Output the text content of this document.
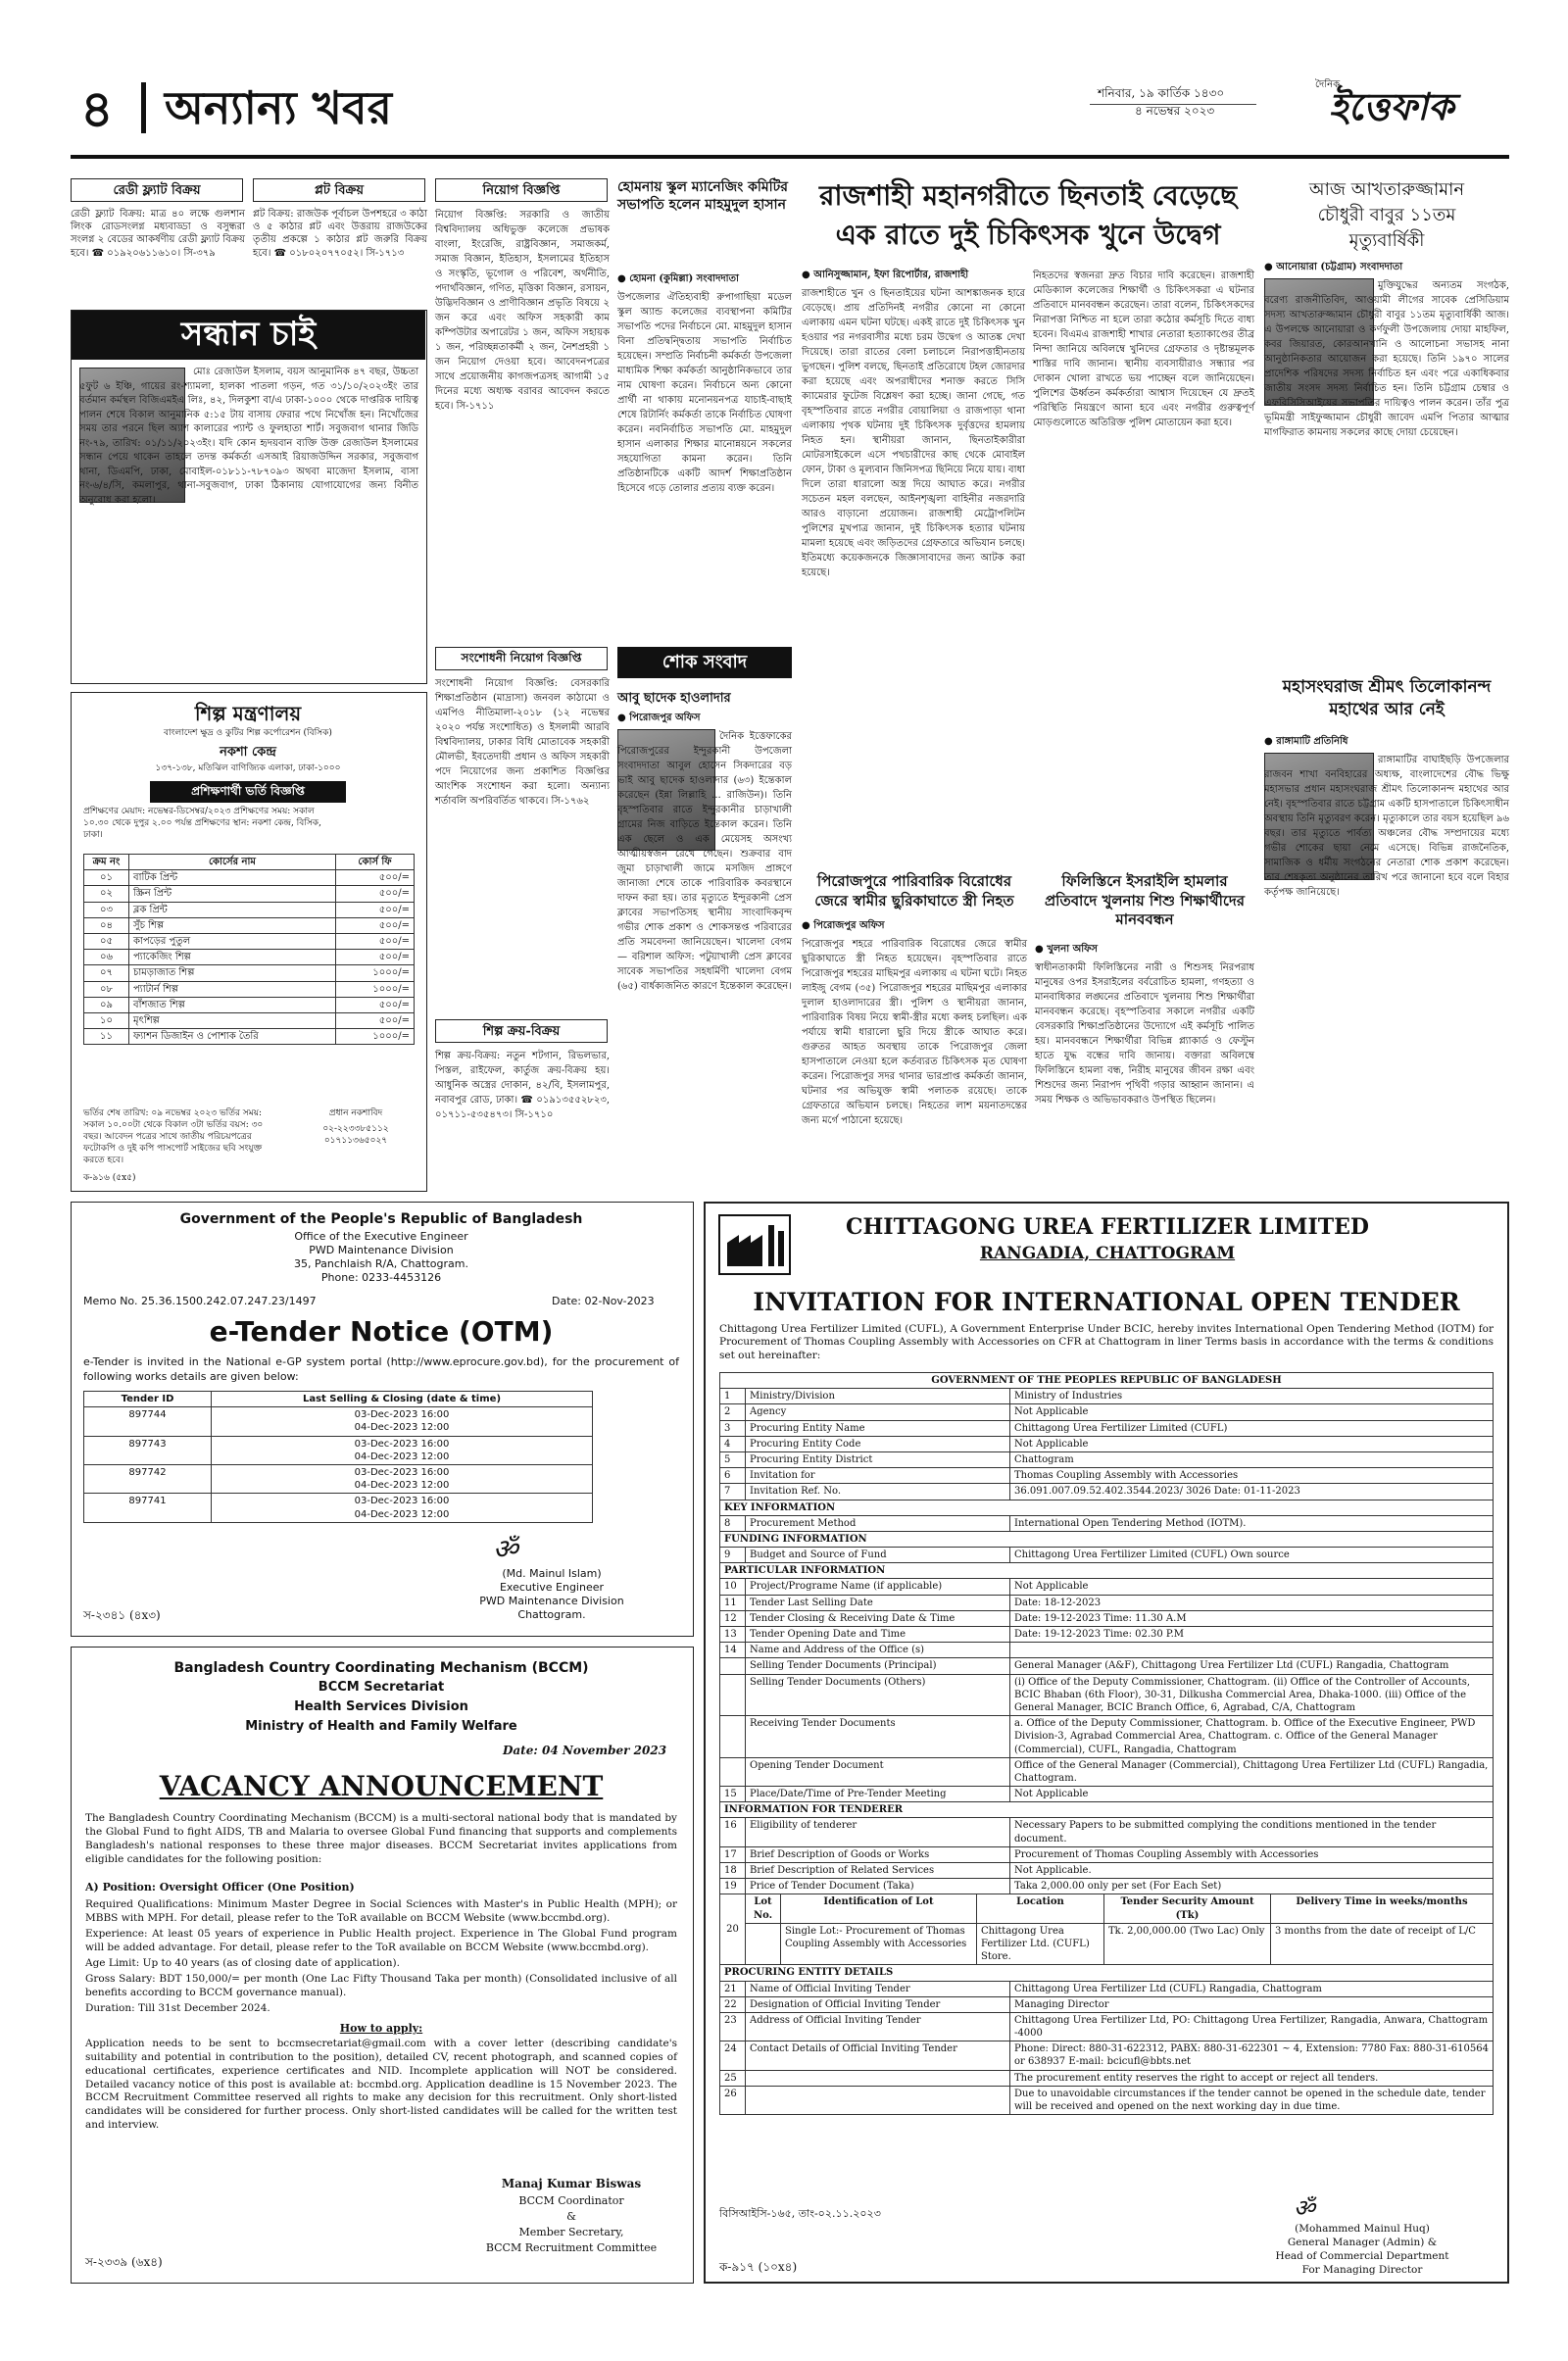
৪ অন্যান্য খবর	শনিবার, ১৯ কার্তিক ১৪৩০
৪ নভেম্বর ২০২৩
দৈনিক
ইত্তেফাক
রেডী ফ্ল্যাট বিক্রয়
রেডী ফ্ল্যাট বিক্রয়: মাত্র ৪০ লক্ষে গুলশান লিংক রোডসংলগ্ন মধ্যবাড্ডা ও বসুন্ধরা সংলগ্ন ২ বেডের আকর্ষণীয় রেডী ফ্ল্যাট বিক্রয় হবে। ☎ ০১৯২০৬১১৬১০। সি-৩৭৯
প্লট বিক্রয়
প্লট বিক্রয়: রাজউক পূর্বাচল উপশহরে ৩ কাঠা ও ৫ কাঠার প্লট এবং উত্তরায় রাজউকের তৃতীয় প্রকল্পে ১ কাঠার প্লট জরুরি বিক্রয় হবে। ☎ ০১৮০২০৭৭০৫২। সি-১৭১৩
নিয়োগ বিজ্ঞপ্তি
নিয়োগ বিজ্ঞপ্তি: সরকারি ও জাতীয় বিশ্ববিদ্যালয় অধিভুক্ত কলেজে প্রভাষক বাংলা, ইংরেজি, রাষ্ট্রবিজ্ঞান, সমাজকর্ম, সমাজ বিজ্ঞান, ইতিহাস, ইসলামের ইতিহাস ও সংস্কৃতি, ভূগোল ও পরিবেশ, অর্থনীতি, পদার্থবিজ্ঞান, গণিত, মৃত্তিকা বিজ্ঞান, রসায়ন, উদ্ভিদবিজ্ঞান ও প্রাণীবিজ্ঞান প্রভৃতি বিষয়ে ২ জন করে এবং অফিস সহকারী কাম কম্পিউটার অপারেটর ১ জন, অফিস সহায়ক ১ জন, পরিচ্ছন্নতাকর্মী ২ জন, নৈশপ্রহরী ১ জন নিয়োগ দেওয়া হবে। আবেদনপত্রের সাথে প্রয়োজনীয় কাগজপত্রসহ আগামী ১৫ দিনের মধ্যে অধ্যক্ষ বরাবর আবেদন করতে হবে। সি-১৭১১
সন্ধান চাই
মোঃ রেজাউল ইসলাম, বয়স আনুমানিক ৪৭ বছর, উচ্চতা ৫ফুট ৬ ইঞ্চি, গায়ের রং-শ্যামলা, হালকা পাতলা গড়ন, গত ৩১/১০/২০২৩ইং তার বর্তমান কর্মস্থল বিজিএমইএ লিঃ, ৪২, দিলকুশা বা/এ ঢাকা-১০০০ থেকে দাপ্তরিক দায়িত্ব পালন শেষে বিকাল আনুমানিক ৫:১৫ টায় বাসায় ফেরার পথে নিখোঁজ হন। নিখোঁজের সময় তার পরনে ছিল অ্যাশ কালারের প্যান্ট ও ফুলহাতা শার্ট। সবুজবাগ থানার জিডি নং-৭৯, তারিখ: ০১/১১/২০২৩ইং। যদি কোন হৃদয়বান ব্যক্তি উক্ত রেজাউল ইসলামের সন্ধান পেয়ে থাকেন তাহলে তদন্ত কর্মকর্তা এসআই রিয়াজউদ্দিন সরকার, সবুজবাগ থানা, ডিএমপি, ঢাকা, মোবাইল-০১৮১১-৭৮৭০৯৩ অথবা মাজেদা ইসলাম, বাসা নং-৬/৪/সি, কমলাপুর, থানা-সবুজবাগ, ঢাকা ঠিকানায় যোগাযোগের জন্য বিনীত অনুরোধ করা হলো।
শিল্প মন্ত্রণালয়
বাংলাদেশ ক্ষুদ্র ও কুটির শিল্প কর্পোরেশন (বিসিক)
নকশা কেন্দ্র
১৩৭-১৩৮, মতিঝিল বাণিজ্যিক এলাকা, ঢাকা-১০০০
প্রশিক্ষণার্থী ভর্তি বিজ্ঞপ্তি
প্রশিক্ষণের মেয়াদ: নভেম্বর-ডিসেম্বর/২০২৩ প্রশিক্ষণের সময়: সকাল ১০.৩০ থেকে দুপুর ২.০০ পর্যন্ত প্রশিক্ষণের স্থান: নকশা কেন্দ্র, বিসিক, ঢাকা।
ক্রম নং	কোর্সের নাম	কোর্স ফি
০১	বাটিক প্রিন্ট	৫০০/=
০২	স্ক্রিন প্রিন্ট	৫০০/=
০৩	ব্লক প্রিন্ট	৫০০/=
০৪	সুঁচ শিল্প	৫০০/=
০৫	কাপড়ের পুতুল	৫০০/=
০৬	প্যাকেজিং শিল্প	৫০০/=
০৭	চামড়াজাত শিল্প	১০০০/=
০৮	প্যাটার্ন শিল্প	১০০০/=
০৯	বাঁশজাত শিল্প	৫০০/=
১০	মৃৎশিল্প	৫০০/=
১১	ফ্যাশন ডিজাইন ও পোশাক তৈরি	১০০০/=
ভর্তির শেষ তারিখ: ০৯ নভেম্বর ২০২৩ ভর্তির সময়: সকাল ১০.০০টা থেকে বিকাল ৩টা ভর্তির বয়স: ৩০ বছর। আবেদন পত্রের সাথে জাতীয় পরিচয়পত্রের ফটোকপি ও দুই কপি পাসপোর্ট সাইজের ছবি সংযুক্ত করতে হবে।
প্রধান নকশাবিদ
০২-২২৩৩৮৫১১২ ০১৭১১৩৬৫০২৭
ক-৯১৬ (৫x৫)
সংশোধনী নিয়োগ বিজ্ঞপ্তি
সংশোধনী নিয়োগ বিজ্ঞপ্তি: বেসরকারি শিক্ষাপ্রতিষ্ঠান (মাদ্রাসা) জনবল কাঠামো ও এমপিও নীতিমালা-২০১৮ (১২ নভেম্বর ২০২০ পর্যন্ত সংশোধিত) ও ইসলামী আরবি বিশ্ববিদ্যালয়, ঢাকার বিধি মোতাবেক সহকারী মৌলভী, ইবতেদায়ী প্রধান ও অফিস সহকারী পদে নিয়োগের জন্য প্রকাশিত বিজ্ঞপ্তির আংশিক সংশোধন করা হলো। অন্যান্য শর্তাবলি অপরিবর্তিত থাকবে। সি-১৭৬২
শিল্প ক্রয়-বিক্রয়
শিল্প ক্রয়-বিক্রয়: নতুন শটগান, রিভলভার, পিস্তল, রাইফেল, কার্তুজ ক্রয়-বিক্রয় হয়। আধুনিক অস্ত্রের দোকান, ৪২/বি, ইসলামপুর, নবাবপুর রোড, ঢাকা। ☎ ০১৯১৩৫৫২৮২৩, ০১৭১১-৫৩৫৪৭৩। সি-১৭১০
হোমনায় স্কুল ম্যানেজিং কমিটির সভাপতি হলেন মাহমুদুল হাসান
● হোমনা (কুমিল্লা) সংবাদদাতা
উপজেলার ঐতিহ্যবাহী রুপাগাছিয়া মডেল স্কুল অ্যান্ড কলেজের ব্যবস্থাপনা কমিটির সভাপতি পদের নির্বাচনে মো. মাহমুদুল হাসান বিনা প্রতিদ্বন্দ্বিতায় সভাপতি নির্বাচিত হয়েছেন। সম্প্রতি নির্বাচনী কর্মকর্তা উপজেলা মাধ্যমিক শিক্ষা কর্মকর্তা আনুষ্ঠানিকভাবে তার নাম ঘোষণা করেন। নির্বাচনে অন্য কোনো প্রার্থী না থাকায় মনোনয়নপত্র যাচাই-বাছাই শেষে রিটার্নিং কর্মকর্তা তাকে নির্বাচিত ঘোষণা করেন। নবনির্বাচিত সভাপতি মো. মাহমুদুল হাসান এলাকার শিক্ষার মানোন্নয়নে সকলের সহযোগিতা কামনা করেন। তিনি প্রতিষ্ঠানটিকে একটি আদর্শ শিক্ষাপ্রতিষ্ঠান হিসেবে গড়ে তোলার প্রত্যয় ব্যক্ত করেন।
শোক সংবাদ
আবু ছাদেক হাওলাদার
● পিরোজপুর অফিস
দৈনিক ইত্তেফাকের পিরোজপুরের ইন্দুরকানী উপজেলা সংবাদদাতা আবুল হোসেন সিকদারের বড় ভাই আবু ছাদেক হাওলাদার (৬৩) ইন্তেকাল করেছেন (ইন্না লিল্লাহি ... রাজিউন)। তিনি বৃহস্পতিবার রাতে ইন্দুরকানীর চাড়াখালী গ্রামের নিজ বাড়িতে ইন্তেকাল করেন। তিনি এক ছেলে ও এক মেয়েসহ অসংখ্য আত্মীয়স্বজন রেখে গেছেন। শুক্রবার বাদ জুমা চাড়াখালী জামে মসজিদ প্রাঙ্গণে জানাজা শেষে তাকে পারিবারিক কবরস্থানে দাফন করা হয়। তার মৃত্যুতে ইন্দুরকানী প্রেস ক্লাবের সভাপতিসহ স্থানীয় সাংবাদিকবৃন্দ গভীর শোক প্রকাশ ও শোকসন্তপ্ত পরিবারের প্রতি সমবেদনা জানিয়েছেন। খালেদা বেগম — বরিশাল অফিস: পটুয়াখালী প্রেস ক্লাবের সাবেক সভাপতির সহধর্মিণী খালেদা বেগম (৬৫) বার্ধক্যজনিত কারণে ইন্তেকাল করেছেন।
রাজশাহী মহানগরীতে ছিনতাই বেড়েছে
এক রাতে দুই চিকিৎসক খুনে উদ্বেগ
● আনিসুজ্জামান, ইফা রিপোর্টার, রাজশাহী
রাজশাহীতে খুন ও ছিনতাইয়ের ঘটনা আশঙ্কাজনক হারে বেড়েছে। প্রায় প্রতিদিনই নগরীর কোনো না কোনো এলাকায় এমন ঘটনা ঘটছে। একই রাতে দুই চিকিৎসক খুন হওয়ার পর নগরবাসীর মধ্যে চরম উদ্বেগ ও আতঙ্ক দেখা দিয়েছে। তারা রাতের বেলা চলাচলে নিরাপত্তাহীনতায় ভুগছেন। পুলিশ বলছে, ছিনতাই প্রতিরোধে টহল জোরদার করা হয়েছে এবং অপরাধীদের শনাক্ত করতে সিসি ক্যামেরার ফুটেজ বিশ্লেষণ করা হচ্ছে। জানা গেছে, গত বৃহস্পতিবার রাতে নগরীর বোয়ালিয়া ও রাজপাড়া থানা এলাকায় পৃথক ঘটনায় দুই চিকিৎসক দুর্বৃত্তদের হামলায় নিহত হন। স্থানীয়রা জানান, ছিনতাইকারীরা মোটরসাইকেলে এসে পথচারীদের কাছ থেকে মোবাইল ফোন, টাকা ও মূল্যবান জিনিসপত্র ছিনিয়ে নিয়ে যায়। বাধা দিলে তারা ধারালো অস্ত্র দিয়ে আঘাত করে। নগরীর সচেতন মহল বলছেন, আইনশৃঙ্খলা বাহিনীর নজরদারি আরও বাড়ানো প্রয়োজন। রাজশাহী মেট্রোপলিটন পুলিশের মুখপাত্র জানান, দুই চিকিৎসক হত্যার ঘটনায় মামলা হয়েছে এবং জড়িতদের গ্রেফতারে অভিযান চলছে। ইতিমধ্যে কয়েকজনকে জিজ্ঞাসাবাদের জন্য আটক করা হয়েছে।
নিহতদের স্বজনরা দ্রুত বিচার দাবি করেছেন। রাজশাহী মেডিক্যাল কলেজের শিক্ষার্থী ও চিকিৎসকরা এ ঘটনার প্রতিবাদে মানববন্ধন করেছেন। তারা বলেন, চিকিৎসকদের নিরাপত্তা নিশ্চিত না হলে তারা কঠোর কর্মসূচি দিতে বাধ্য হবেন। বিএমএ রাজশাহী শাখার নেতারা হত্যাকাণ্ডের তীব্র নিন্দা জানিয়ে অবিলম্বে খুনিদের গ্রেফতার ও দৃষ্টান্তমূলক শাস্তির দাবি জানান। স্থানীয় ব্যবসায়ীরাও সন্ধ্যার পর দোকান খোলা রাখতে ভয় পাচ্ছেন বলে জানিয়েছেন। পুলিশের ঊর্ধ্বতন কর্মকর্তারা আশ্বাস দিয়েছেন যে দ্রুতই পরিস্থিতি নিয়ন্ত্রণে আনা হবে এবং নগরীর গুরুত্বপূর্ণ মোড়গুলোতে অতিরিক্ত পুলিশ মোতায়েন করা হবে।
পিরোজপুরে পারিবারিক বিরোধের জেরে স্বামীর ছুরিকাঘাতে স্ত্রী নিহত
● পিরোজপুর অফিস
পিরোজপুর শহরে পারিবারিক বিরোধের জেরে স্বামীর ছুরিকাঘাতে স্ত্রী নিহত হয়েছেন। বৃহস্পতিবার রাতে পিরোজপুর শহরের মাছিমপুর এলাকায় এ ঘটনা ঘটে। নিহত লাইজু বেগম (৩৫) পিরোজপুর শহরের মাছিমপুর এলাকার দুলাল হাওলাদারের স্ত্রী। পুলিশ ও স্থানীয়রা জানান, পারিবারিক বিষয় নিয়ে স্বামী-স্ত্রীর মধ্যে কলহ চলছিল। এক পর্যায়ে স্বামী ধারালো ছুরি দিয়ে স্ত্রীকে আঘাত করে। গুরুতর আহত অবস্থায় তাকে পিরোজপুর জেলা হাসপাতালে নেওয়া হলে কর্তব্যরত চিকিৎসক মৃত ঘোষণা করেন। পিরোজপুর সদর থানার ভারপ্রাপ্ত কর্মকর্তা জানান, ঘটনার পর অভিযুক্ত স্বামী পলাতক রয়েছে। তাকে গ্রেফতারে অভিযান চলছে। নিহতের লাশ ময়নাতদন্তের জন্য মর্গে পাঠানো হয়েছে।
ফিলিস্তিনে ইসরাইলি হামলার প্রতিবাদে খুলনায় শিশু শিক্ষার্থীদের মানববন্ধন
● খুলনা অফিস
স্বাধীনতাকামী ফিলিস্তিনের নারী ও শিশুসহ নিরপরাধ মানুষের ওপর ইসরাইলের বর্বরোচিত হামলা, গণহত্যা ও মানবাধিকার লঙ্ঘনের প্রতিবাদে খুলনায় শিশু শিক্ষার্থীরা মানববন্ধন করেছে। বৃহস্পতিবার সকালে নগরীর একটি বেসরকারি শিক্ষাপ্রতিষ্ঠানের উদ্যোগে এই কর্মসূচি পালিত হয়। মানববন্ধনে শিক্ষার্থীরা বিভিন্ন প্ল্যাকার্ড ও ফেস্টুন হাতে যুদ্ধ বন্ধের দাবি জানায়। বক্তারা অবিলম্বে ফিলিস্তিনে হামলা বন্ধ, নিরীহ মানুষের জীবন রক্ষা এবং শিশুদের জন্য নিরাপদ পৃথিবী গড়ার আহ্বান জানান। এ সময় শিক্ষক ও অভিভাবকরাও উপস্থিত ছিলেন।
আজ আখতারুজ্জামান
চৌধুরী বাবুর ১১তম
মৃত্যুবার্ষিকী
● আনোয়ারা (চট্টগ্রাম) সংবাদদাতা
মুক্তিযুদ্ধের অন্যতম সংগঠক, বরেণ্য রাজনীতিবিদ, আওয়ামী লীগের সাবেক প্রেসিডিয়াম সদস্য আখতারুজ্জামান চৌধুরী বাবুর ১১তম মৃত্যুবার্ষিকী আজ। এ উপলক্ষে আনোয়ারা ও কর্ণফুলী উপজেলায় দোয়া মাহফিল, কবর জিয়ারত, কোরআনখানি ও আলোচনা সভাসহ নানা আনুষ্ঠানিকতার আয়োজন করা হয়েছে। তিনি ১৯৭০ সালের প্রাদেশিক পরিষদের সদস্য নির্বাচিত হন এবং পরে একাধিকবার জাতীয় সংসদ সদস্য নির্বাচিত হন। তিনি চট্টগ্রাম চেম্বার ও এফবিসিসিআইয়ের সভাপতির দায়িত্বও পালন করেন। তাঁর পুত্র ভূমিমন্ত্রী সাইফুজ্জামান চৌধুরী জাবেদ এমপি পিতার আত্মার মাগফিরাত কামনায় সকলের কাছে দোয়া চেয়েছেন।
মহাসংঘরাজ শ্রীমৎ তিলোকানন্দ মহাথের আর নেই
● রাঙ্গামাটি প্রতিনিধি
রাঙ্গামাটির বাঘাইছড়ি উপজেলার রাজবন শাখা বনবিহারের অধ্যক্ষ, বাংলাদেশের বৌদ্ধ ভিক্ষু মহাসভার প্রধান মহাসংঘরাজ শ্রীমৎ তিলোকানন্দ মহাথের আর নেই। বৃহস্পতিবার রাতে চট্টগ্রাম একটি হাসপাতালে চিকিৎসাধীন অবস্থায় তিনি মৃত্যুবরণ করেন। মৃত্যুকালে তার বয়স হয়েছিল ৯৬ বছর। তার মৃত্যুতে পার্বত্য অঞ্চলের বৌদ্ধ সম্প্রদায়ের মধ্যে গভীর শোকের ছায়া নেমে এসেছে। বিভিন্ন রাজনৈতিক, সামাজিক ও ধর্মীয় সংগঠনের নেতারা শোক প্রকাশ করেছেন। তার শেষকৃত্য অনুষ্ঠানের তারিখ পরে জানানো হবে বলে বিহার কর্তৃপক্ষ জানিয়েছে।
Government of the People's Republic of Bangladesh
Office of the Executive Engineer
PWD Maintenance Division
35, Panchlaish R/A, Chattogram.
Phone: 0233-4453126
Memo No. 25.36.1500.242.07.247.23/1497	Date: 02-Nov-2023
e-Tender Notice (OTM)
e-Tender is invited in the National e-GP system portal (http://www.eprocure.gov.bd), for the procurement of following works details are given below:
Tender ID	Last Selling & Closing (date & time)
897744	03-Dec-2023 16:00
04-Dec-2023 12:00

897743	03-Dec-2023 16:00
04-Dec-2023 12:00

897742	03-Dec-2023 16:00
04-Dec-2023 12:00

897741	03-Dec-2023 16:00
04-Dec-2023 12:00
ॐ
(Md. Mainul Islam)
Executive Engineer
PWD Maintenance Division
Chattogram.
স-২৩৪১ (৪x৩)
Bangladesh Country Coordinating Mechanism (BCCM)
BCCM Secretariat
Health Services Division
Ministry of Health and Family Welfare
Date: 04 November 2023
VACANCY ANNOUNCEMENT
The Bangladesh Country Coordinating Mechanism (BCCM) is a multi-sectoral national body that is mandated by the Global Fund to fight AIDS, TB and Malaria to oversee Global Fund financing that supports and complements Bangladesh's national responses to these three major diseases. BCCM Secretariat invites applications from eligible candidates for the following position:
A) Position: Oversight Officer (One Position)
Required Qualifications: Minimum Master Degree in Social Sciences with Master's in Public Health (MPH); or MBBS with MPH. For detail, please refer to the ToR available on BCCM Website (www.bccmbd.org).
Experience: At least 05 years of experience in Public Health project. Experience in The Global Fund program will be added advantage. For detail, please refer to the ToR available on BCCM Website (www.bccmbd.org).
Age Limit: Up to 40 years (as of closing date of application).
Gross Salary: BDT 150,000/= per month (One Lac Fifty Thousand Taka per month) (Consolidated inclusive of all benefits according to BCCM governance manual).
Duration: Till 31st December 2024.
How to apply:
Application needs to be sent to bccmsecretariat@gmail.com with a cover letter (describing candidate's suitability and potential in contribution to the position), detailed CV, recent photograph, and scanned copies of educational certificates, experience certificates and NID. Incomplete application will NOT be considered. Detailed vacancy notice of this post is available at: bccmbd.org. Application deadline is 15 November 2023. The BCCM Recruitment Committee reserved all rights to make any decision for this recruitment. Only short-listed candidates will be considered for further process. Only short-listed candidates will be called for the written test and interview.
Manaj Kumar Biswas
BCCM Coordinator
&
Member Secretary,
BCCM Recruitment Committee
স-২৩৩৯ (৬x৪)
CHITTAGONG UREA FERTILIZER LIMITED
RANGADIA, CHATTOGRAM
INVITATION FOR INTERNATIONAL OPEN TENDER
Chittagong Urea Fertilizer Limited (CUFL), A Government Enterprise Under BCIC, hereby invites International Open Tendering Method (IOTM) for Procurement of Thomas Coupling Assembly with Accessories on CFR at Chattogram in liner Terms basis in accordance with the terms & conditions set out hereinafter:
GOVERNMENT OF THE PEOPLES REPUBLIC OF BANGLADESH		
1	Ministry/Division	Ministry of Industries
2	Agency	Not Applicable
3	Procuring Entity Name	Chittagong Urea Fertilizer Limited (CUFL)
4	Procuring Entity Code	Not Applicable
5	Procuring Entity District	Chattogram
6	Invitation for	Thomas Coupling Assembly with Accessories
7	Invitation Ref. No.	36.091.007.09.52.402.3544.2023/ 3026 Date: 01-11-2023
KEY INFORMATION		
8	Procurement Method	International Open Tendering Method (IOTM).
FUNDING INFORMATION		
9	Budget and Source of Fund	Chittagong Urea Fertilizer Limited (CUFL) Own source
PARTICULAR INFORMATION		
10	Project/Programe Name (if applicable)	Not Applicable
11	Tender Last Selling Date	Date: 18-12-2023
12	Tender Closing & Receiving Date & Time	Date: 19-12-2023 Time: 11.30 A.M
13	Tender Opening Date and Time	Date: 19-12-2023 Time: 02.30 P.M
14	Name and Address of the Office (s)	
	Selling Tender Documents (Principal)	General Manager (A&F), Chittagong Urea Fertilizer Ltd (CUFL) Rangadia, Chattogram
	Selling Tender Documents (Others)	(i) Office of the Deputy Commissioner, Chattogram. (ii) Office of the Controller of Accounts, BCIC Bhaban (6th Floor), 30-31, Dilkusha Commercial Area, Dhaka-1000. (iii) Office of the General Manager, BCIC Branch Office, 6, Agrabad, C/A, Chattogram
	Receiving Tender Documents	a. Office of the Deputy Commissioner, Chattogram. b. Office of the Executive Engineer, PWD Division-3, Agrabad Commercial Area, Chattogram. c. Office of the General Manager (Commercial), CUFL, Rangadia, Chattogram
	Opening Tender Document	Office of the General Manager (Commercial), Chittagong Urea Fertilizer Ltd (CUFL) Rangadia, Chattogram.
15	Place/Date/Time of Pre-Tender Meeting	Not Applicable
INFORMATION FOR TENDERER		
16	Eligibility of tenderer	Necessary Papers to be submitted complying the conditions mentioned in the tender document.
17	Brief Description of Goods or Works	Procurement of Thomas Coupling Assembly with Accessories
18	Brief Description of Related Services	Not Applicable.
19	Price of Tender Document (Taka)	Taka 2,000.00 only per set (For Each Set)
20	Lot No.	Identification of Lot	Location	Tender Security Amount (Tk)	Delivery Time in weeks/months
		Single Lot:- Procurement of Thomas Coupling Assembly with Accessories	Chittagong Urea Fertilizer Ltd. (CUFL) Store.	Tk. 2,00,000.00 (Two Lac) Only	3 months from the date of receipt of L/C
PROCURING ENTITY DETAILS		
21	Name of Official Inviting Tender	Chittagong Urea Fertilizer Ltd (CUFL) Rangadia, Chattogram
22	Designation of Official Inviting Tender	Managing Director
23	Address of Official Inviting Tender	Chittagong Urea Fertilizer Ltd, PO: Chittagong Urea Fertilizer, Rangadia, Anwara, Chattogram -4000
24	Contact Details of Official Inviting Tender	Phone: Direct: 880-31-622312, PABX: 880-31-622301 ~ 4, Extension: 7780 Fax: 880-31-610564 or 638937 E-mail: bcicufl@bbts.net
25		The procurement entity reserves the right to accept or reject all tenders.
26		Due to unavoidable circumstances if the tender cannot be opened in the schedule date, tender will be received and opened on the next working day in due time.
বিসিআইসি-১৬৫, তাং-০২.১১.২০২৩	ॐ
(Mohammed Mainul Huq)
General Manager (Admin) &
Head of Commercial Department
For Managing Director
ক-৯১৭ (১০x৪)
